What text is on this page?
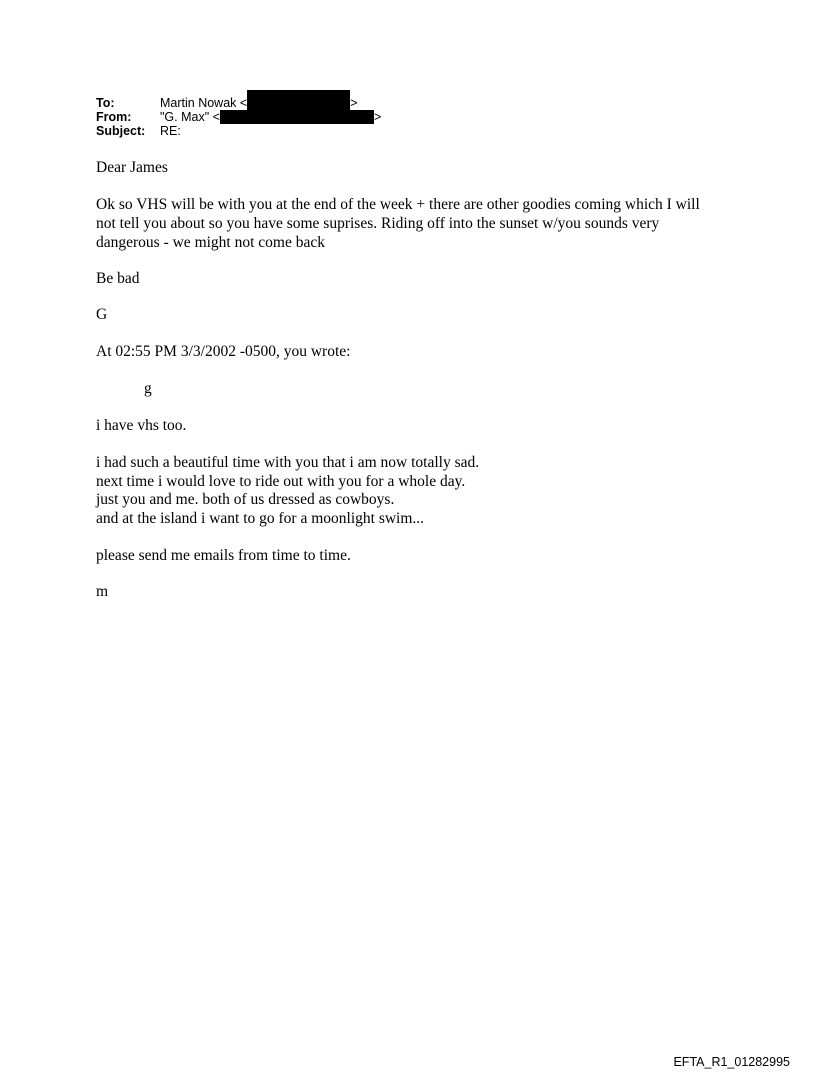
To:	Martin Nowak <	>
From:	"G. Max" <	>
Subject:	RE:
Dear James
Ok so VHS will be with you at the end of the week + there are other goodies coming which I will
not tell you about so you have some suprises. Riding off into the sunset w/you sounds very
dangerous - we might not come back
Be bad
G
At 02:55 PM 3/3/2002 -0500, you wrote:
g
i have vhs too.
i had such a beautiful time with you that i am now totally sad.
next time i would love to ride out with you for a whole day.
just you and me. both of us dressed as cowboys.
and at the island i want to go for a moonlight swim...
please send me emails from time to time.
m
EFTA_R1_01282995
